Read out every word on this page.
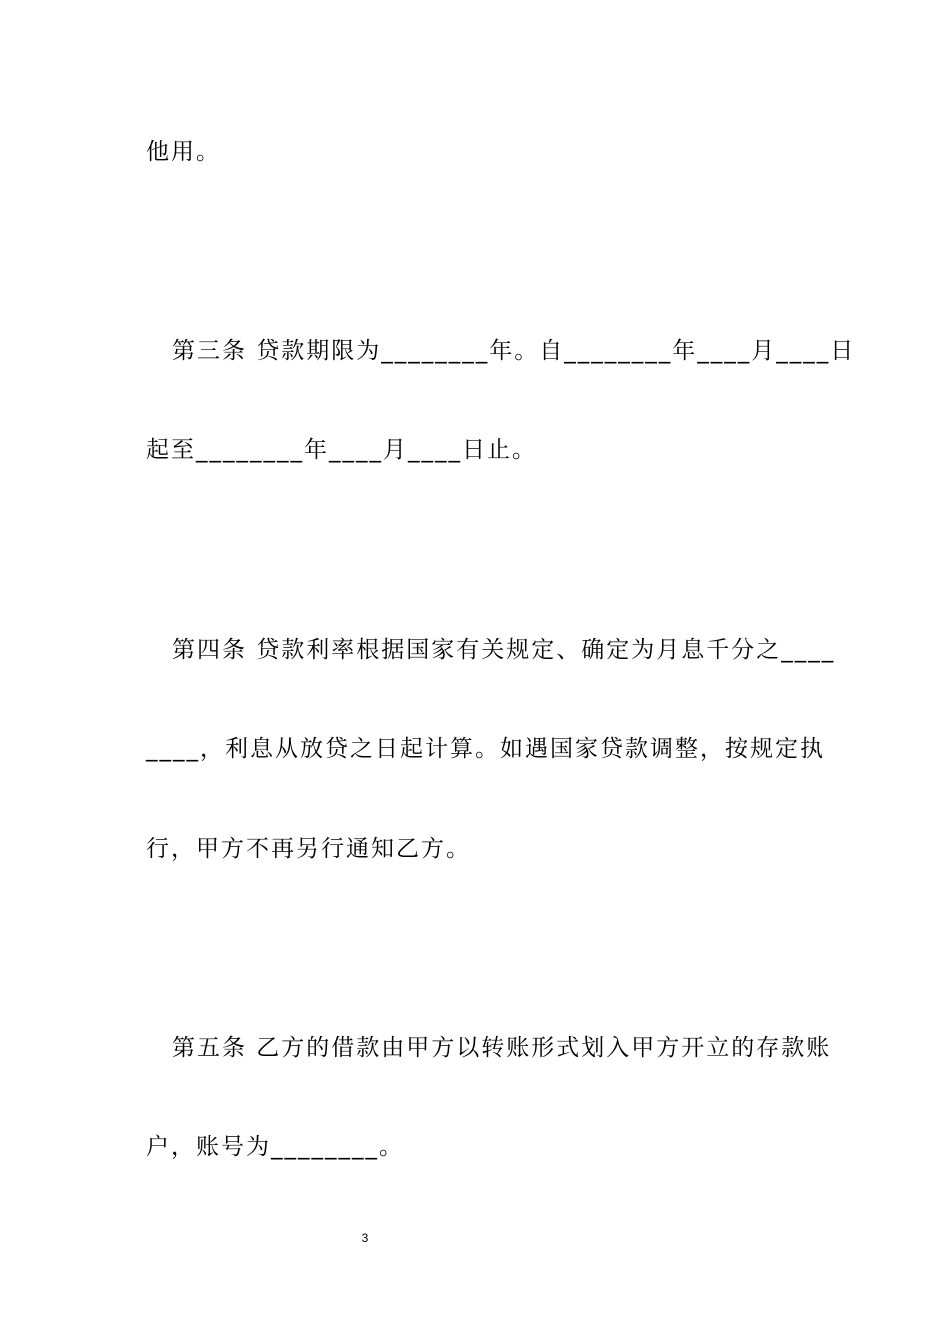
他用。
第三条 贷款期限为________年。自________年____月____日
起至________年____月____日止。
第四条 贷款利率根据国家有关规定、确定为月息千分之____
____，利息从放贷之日起计算。如遇国家贷款调整，按规定执
行，甲方不再另行通知乙方。
第五条 乙方的借款由甲方以转账形式划入甲方开立的存款账
户，账号为________。
3
